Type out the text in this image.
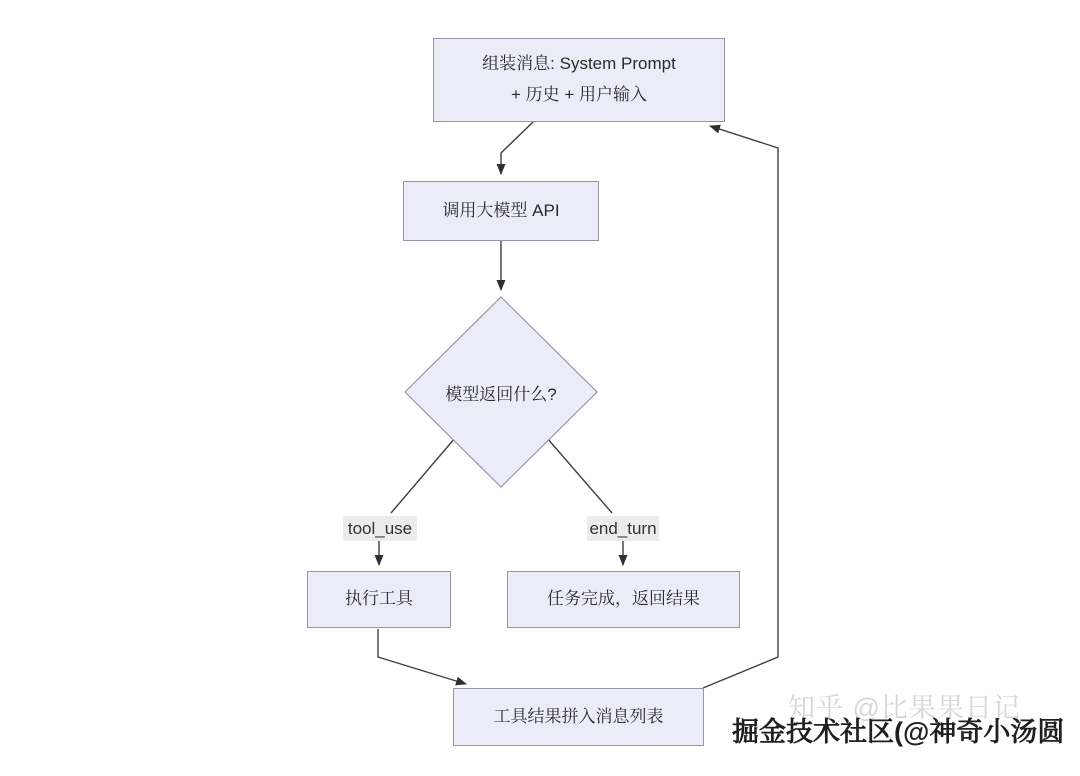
组装消息: System Prompt
+ 历史 + 用户输入
调用大模型 API
模型返回什么?
tool_use	end_turn
执行工具	任务完成，返回结果
工具结果拼入消息列表	知乎 @比果果日记
掘金技术社区(@神奇小汤圆
